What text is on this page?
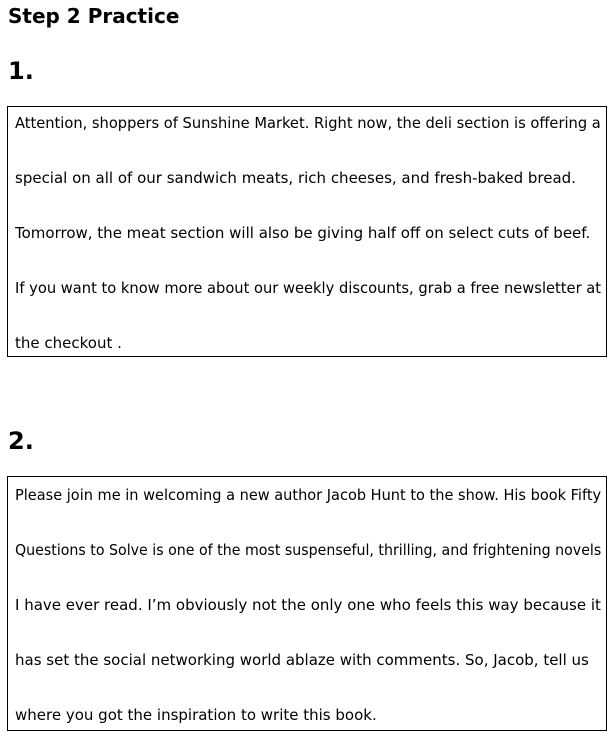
Step 2 Practice
1.
Attention, shoppers of Sunshine Market. Right now, the deli section is offering a
special on all of our sandwich meats, rich cheeses, and fresh-baked bread.
Tomorrow, the meat section will also be giving half off on select cuts of beef.
If you want to know more about our weekly discounts, grab a free newsletter at
the checkout .
2.
Please join me in welcoming a new author Jacob Hunt to the show. His book Fifty
Questions to Solve is one of the most suspenseful, thrilling, and frightening novels
I have ever read. I’m obviously not the only one who feels this way because it
has set the social networking world ablaze with comments. So, Jacob, tell us
where you got the inspiration to write this book.
